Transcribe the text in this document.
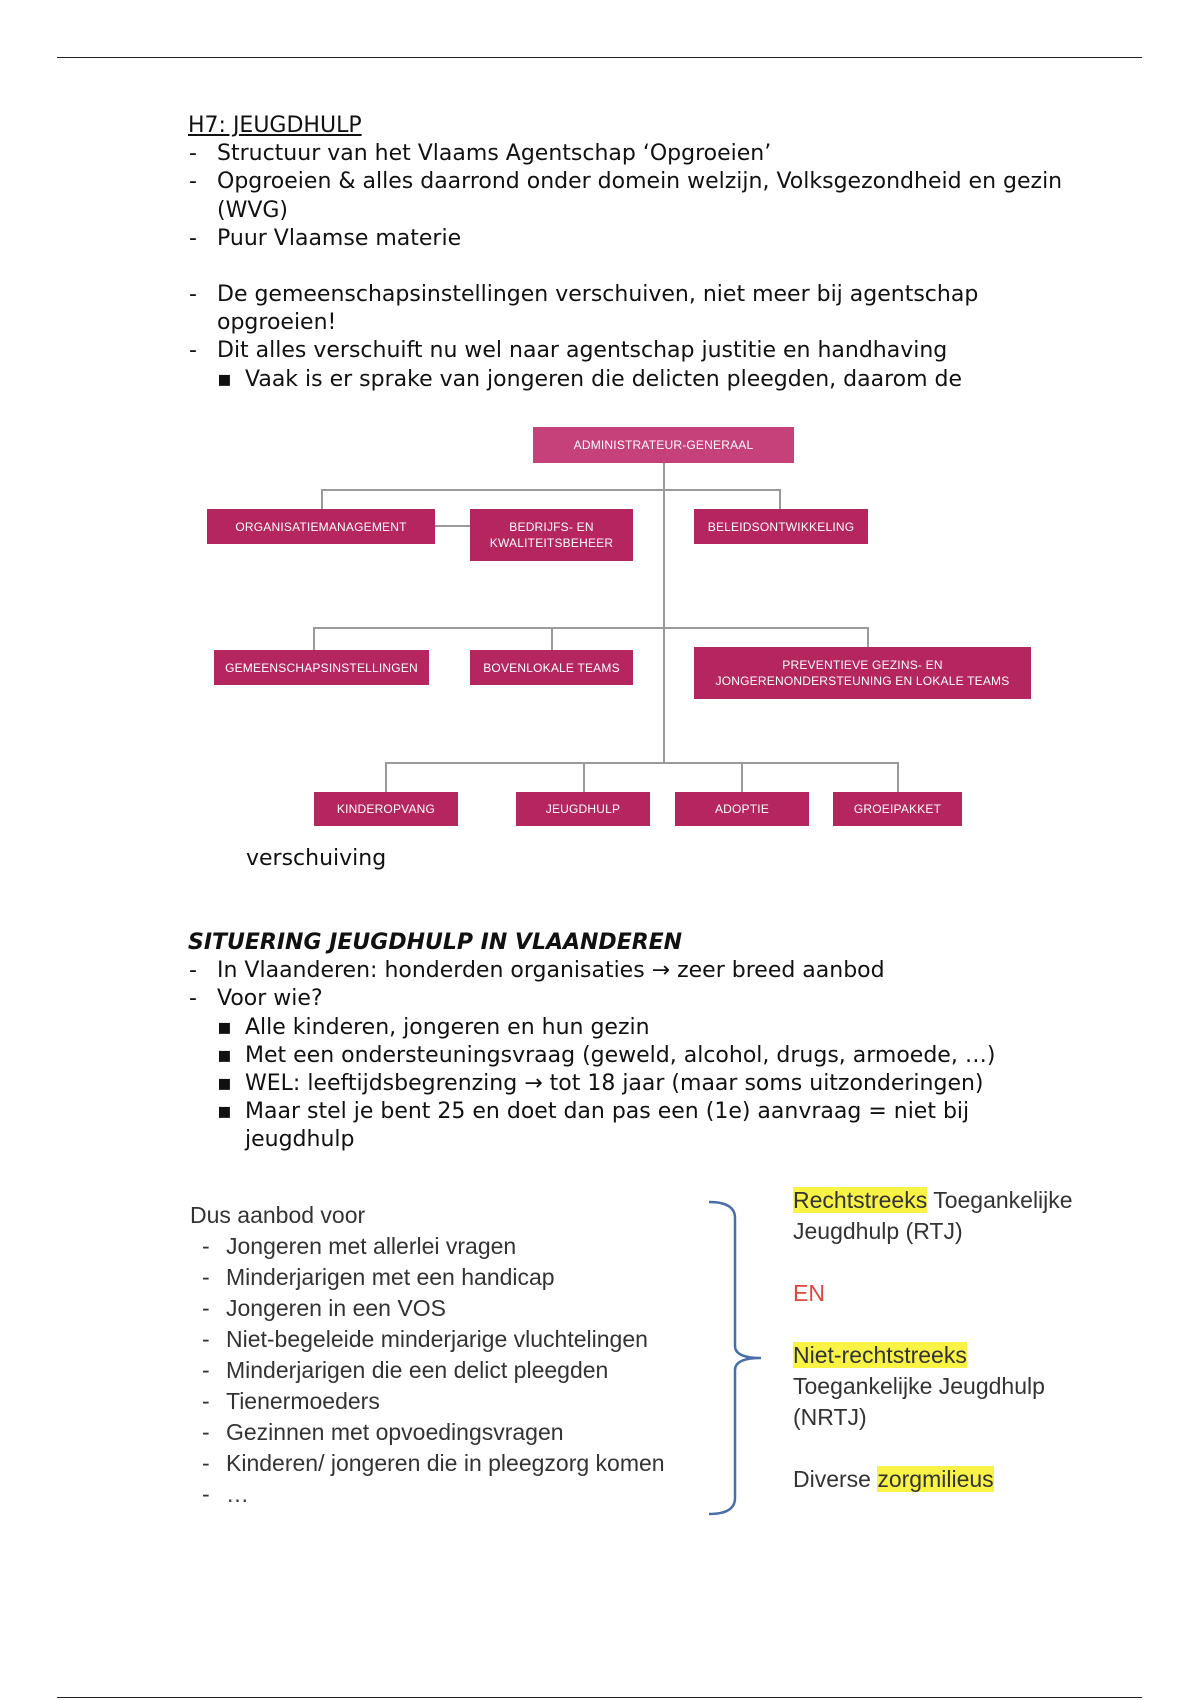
H7: JEUGDHULP
- Structuur van het Vlaams Agentschap ‘Opgroeien’
- Opgroeien & alles daarrond onder domein welzijn, Volksgezondheid en gezin (WVG)
- Puur Vlaamse materie
- De gemeenschapsinstellingen verschuiven, niet meer bij agentschap opgroeien!
- Dit alles verschuift nu wel naar agentschap justitie en handhaving
▪ Vaak is er sprake van jongeren die delicten pleegden, daarom de
ADMINISTRATEUR-GENERAAL
ORGANISATIEMANAGEMENT	BEDRIJFS- EN KWALITEITSBEHEER
BELEIDSONTWIKKELING
GEMEENSCHAPSINSTELLINGEN	BOVENLOKALE TEAMS	PREVENTIEVE GEZINS- EN JONGERENONDERSTEUNING EN LOKALE TEAMS
KINDEROPVANG	JEUGDHULP	ADOPTIE	GROEIPAKKET
verschuiving
SITUERING JEUGDHULP IN VLAANDEREN
- In Vlaanderen: honderden organisaties → zeer breed aanbod
- Voor wie?
▪ Alle kinderen, jongeren en hun gezin
▪ Met een ondersteuningsvraag (geweld, alcohol, drugs, armoede, …)
▪ WEL: leeftijdsbegrenzing → tot 18 jaar (maar soms uitzonderingen)
▪ Maar stel je bent 25 en doet dan pas een (1e) aanvraag = niet bij jeugdhulp
Dus aanbod voor
- Jongeren met allerlei vragen
- Minderjarigen met een handicap
- Jongeren in een VOS
- Niet-begeleide minderjarige vluchtelingen
- Minderjarigen die een delict pleegden
- Tienermoeders
- Gezinnen met opvoedingsvragen
- Kinderen/ jongeren die in pleegzorg komen
- …
Rechtstreeks Toegankelijke
Jeugdhulp (RTJ)
EN
Niet-rechtstreeks
Toegankelijke Jeugdhulp
(NRTJ)
Diverse zorgmilieus
